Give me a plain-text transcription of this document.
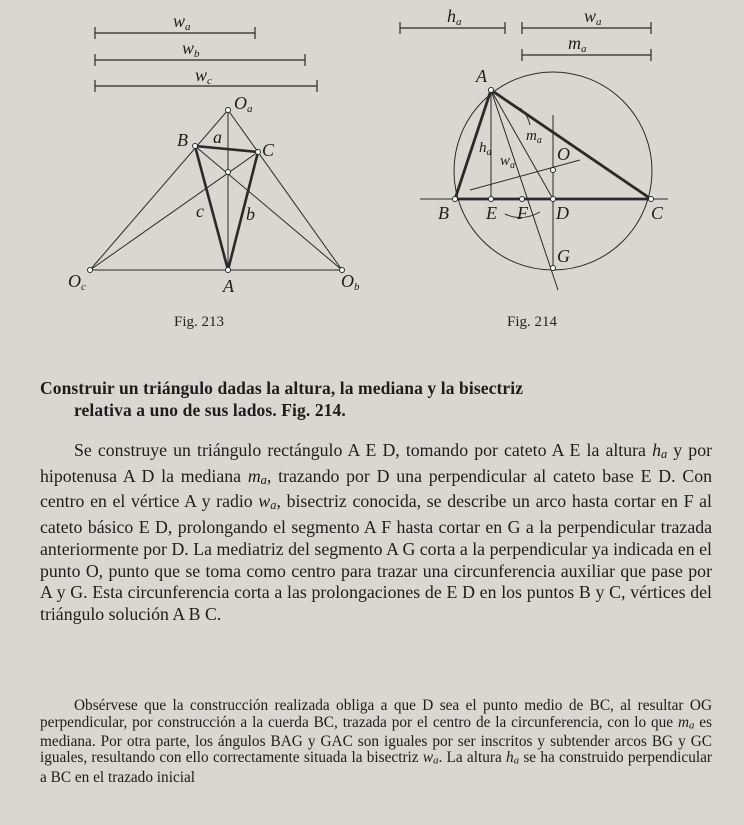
wa
wb
wc
Oa
B	C
a
c b
A
Oc	Ob
Fig. 213
ha	wa
ma
A
$h_a$
$w_a$
$m_a$
O
B E F D	C
G
Fig. 214
Construir un triángulo dadas la altura, la mediana y la bisectriz
relativa a uno de sus lados. Fig. 214.

Se construye un triángulo rectángulo A E D, tomando por cateto A E la altura ha y por hipotenusa A D la mediana ma, trazando por D una perpendicular al cateto base E D. Con centro en el vértice A y radio wa, bisectriz conocida, se describe un arco hasta cortar en F al cateto básico E D, prolongando el segmento A F hasta cortar en G a la perpendicular trazada anteriormente por D. La mediatriz del segmento A G corta a la perpendicular ya indicada en el punto O, punto que se toma como centro para trazar una circunferencia auxiliar que pase por A y G. Esta circunferencia corta a las prolongaciones de E D en los puntos B y C, vértices del triángulo solución A B C.

Obsérvese que la construcción realizada obliga a que D sea el punto medio de BC, al resultar OG perpendicular, por construcción a la cuerda BC, trazada por el centro de la circunferencia, con lo que ma es mediana. Por otra parte, los ángulos BAG y GAC son iguales por ser inscritos y subtender arcos BG y GC iguales, resultando con ello correctamente situada la bisectriz wa. La altura ha se ha construido perpendicular a BC en el trazado inicial
